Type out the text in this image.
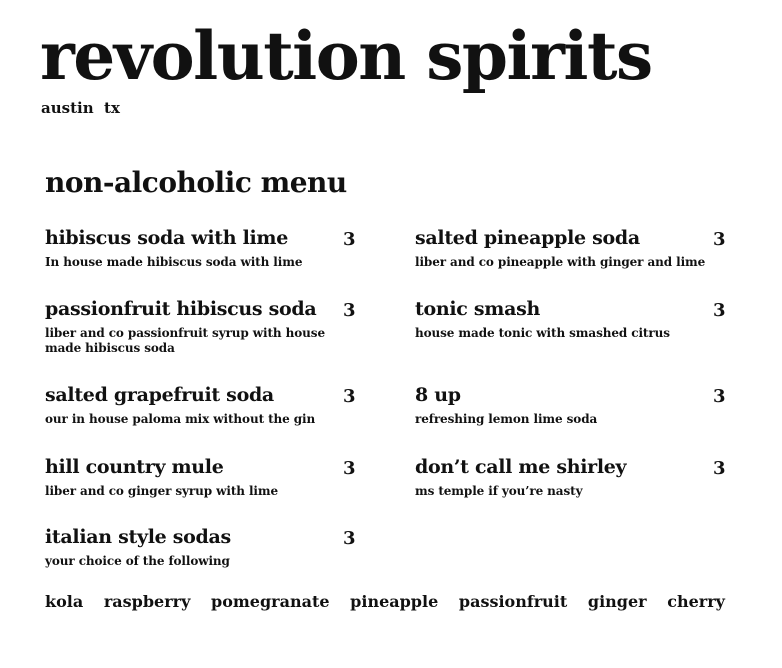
revolution spirits
austin  tx
non-alcoholic menu
hibiscus soda with lime	3
In house made hibiscus soda with lime
passionfruit hibiscus soda 3
liber and co passionfruit syrup with house made hibiscus soda
salted grapefruit soda	3
our in house paloma mix without the gin
hill country mule	3
liber and co ginger syrup with lime
italian style sodas	3
your choice of the following
salted pineapple soda	3
liber and co pineapple with ginger and lime
tonic smash	3
house made tonic with smashed citrus
8 up	3
refreshing lemon lime soda
don’t call me shirley	3
ms temple if you’re nasty
kola raspberry pomegranate pineapple passionfruit ginger cherry
